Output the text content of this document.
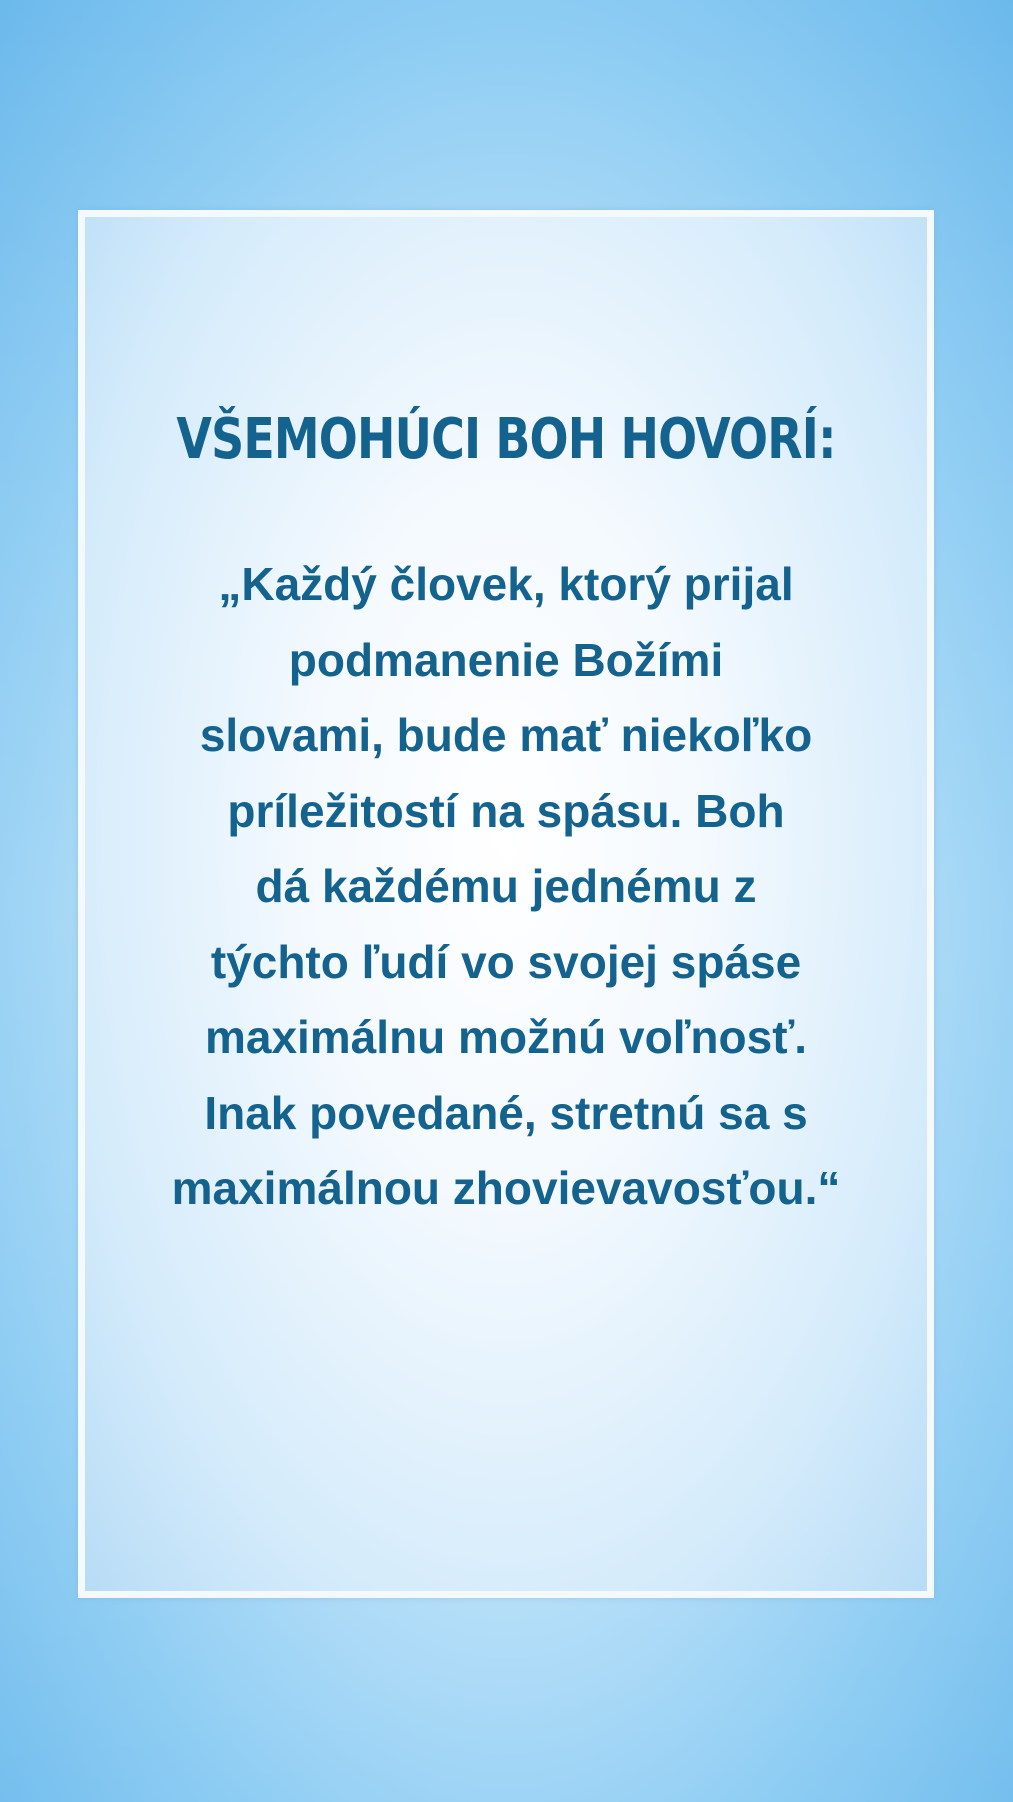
VŠEMOHÚCI BOH HOVORÍ:
„Každý človek, ktorý prijal
podmanenie Božími
slovami, bude mať niekoľko
príležitostí na spásu. Boh
dá každému jednému z
týchto ľudí vo svojej spáse
maximálnu možnú voľnosť.
Inak povedané, stretnú sa s
maximálnou zhovievavosťou.“
